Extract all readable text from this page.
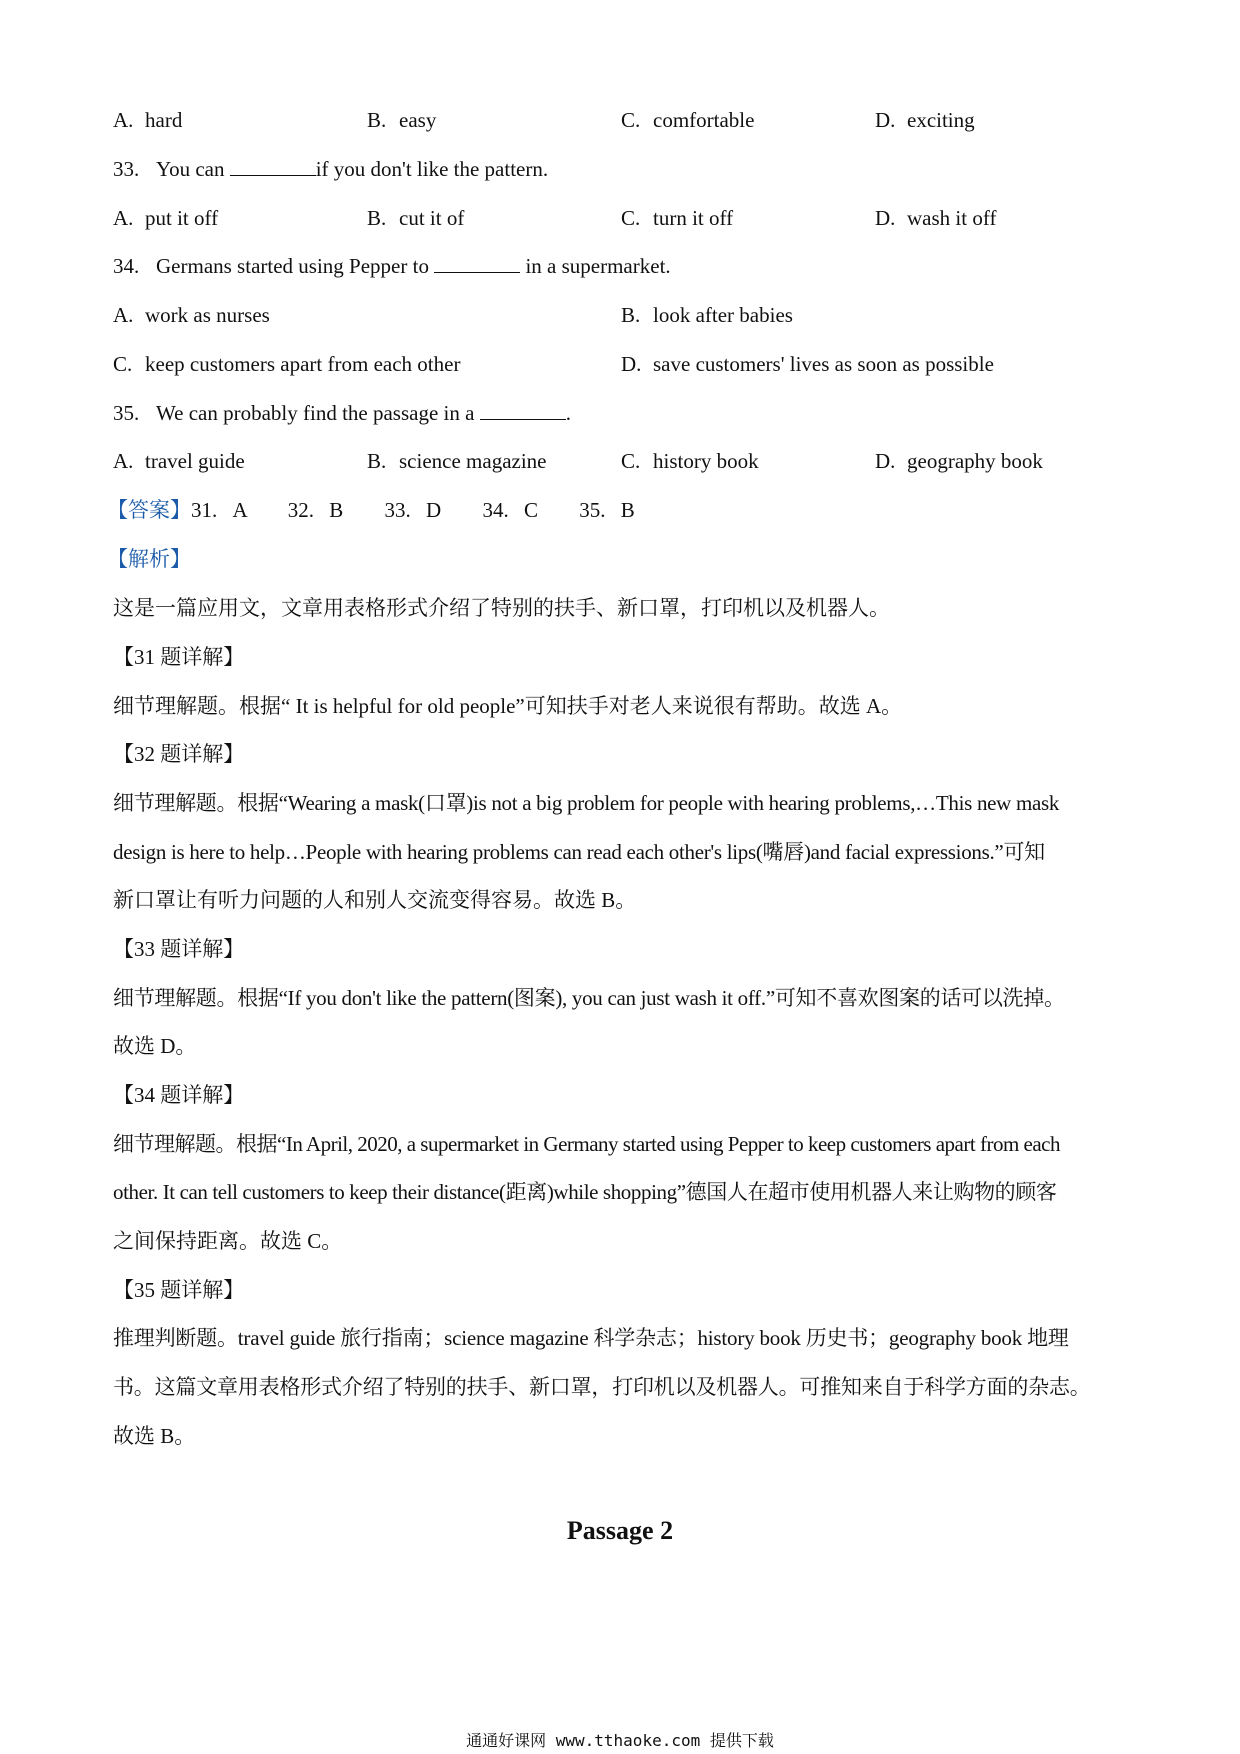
A. hard	B. easy	C. comfortable	D. exciting
33. You can	if you don't like the pattern.
A. put it off	B. cut it of	C. turn it off	D. wash it off
34. Germans started using Pepper to	in a supermarket.
A. work as nurses	B. look after babies
C. keep customers apart from each other	D. save customers' lives as soon as possible
35. We can probably find the passage in a	.
A. travel guide	B. science magazine	C. history book	D. geography book
【答案】31. A 32. B 33. D 34. C 35. B
【解析】
这是一篇应用文，文章用表格形式介绍了特别的扶手、新口罩，打印机以及机器人。
【31 题详解】
细节理解题。根据“ It is helpful for old people”可知扶手对老人来说很有帮助。故选 A。
【32 题详解】
细节理解题。根据“Wearing a mask(口罩)is not a big problem for people with hearing problems,…This new mask
design is here to help…People with hearing problems can read each other's lips(嘴唇)and facial expressions.”可知
新口罩让有听力问题的人和别人交流变得容易。故选 B。
【33 题详解】
细节理解题。根据“If you don't like the pattern(图案), you can just wash it off.”可知不喜欢图案的话可以洗掉。
故选 D。
【34 题详解】
细节理解题。根据“In April, 2020, a supermarket in Germany started using Pepper to keep customers apart from each
other. It can tell customers to keep their distance(距离)while shopping”德国人在超市使用机器人来让购物的顾客
之间保持距离。故选 C。
【35 题详解】
推理判断题。travel guide 旅行指南；science magazine 科学杂志；history book 历史书；geography book 地理
书。这篇文章用表格形式介绍了特别的扶手、新口罩，打印机以及机器人。可推知来自于科学方面的杂志。
故选 B。
Passage 2
通通好课网 www.tthaoke.com 提供下载
